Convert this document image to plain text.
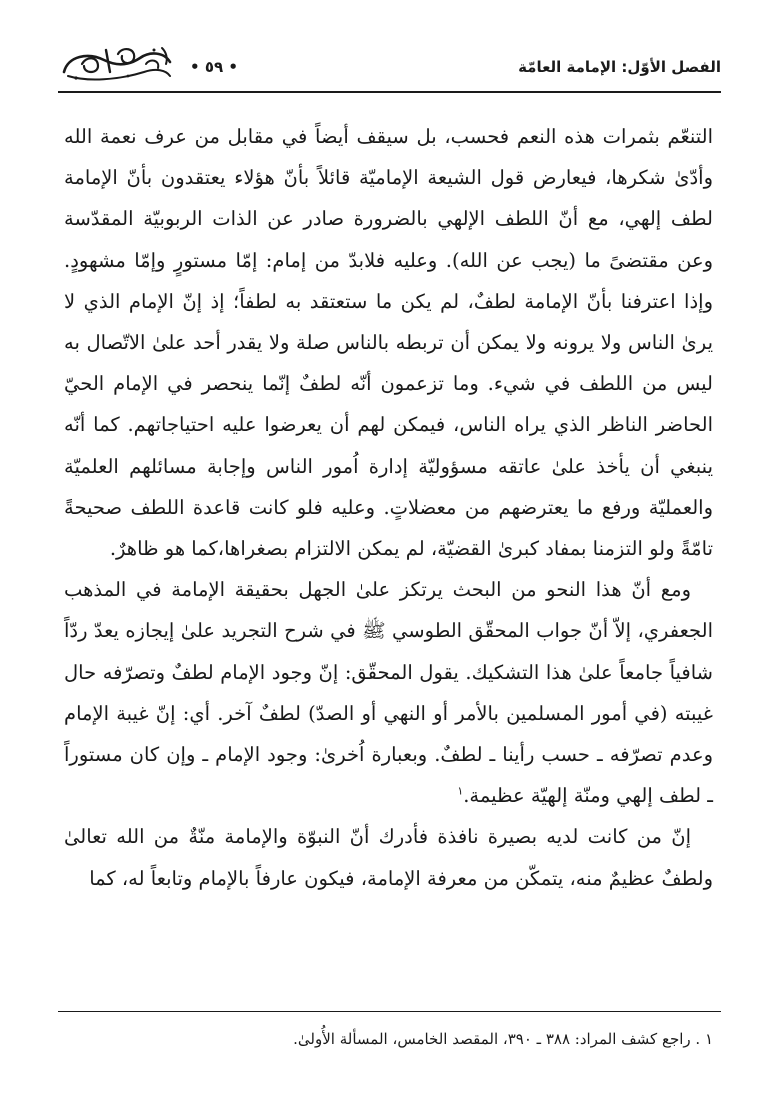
• ٥٩ •	الفصل الأوّل: الإمامة العامّة

التنعّم بثمرات هذه النعم فحسب، بل سيقف أيضاً في مقابل من عرف نعمة الله وأدّىٰ شكرها، فيعارض قول الشيعة الإماميّة قائلاً بأنّ هؤلاء يعتقدون بأنّ الإمامة لطف إلهي، مع أنّ اللطف الإلهي بالضرورة صادر عن الذات الربوبيّة المقدّسة وعن مقتضىً ما (يجب عن الله). وعليه فلابدّ من إمام: إمّا مستورٍ وإمّا مشهودٍ. وإذا اعترفنا بأنّ الإمامة لطفٌ، لم يكن ما ستعتقد به لطفاً؛ إذ إنّ الإمام الذي لا يرىٰ الناس ولا يرونه ولا يمكن أن تربطه بالناس صلة ولا يقدر أحد علىٰ الاتّصال به ليس من اللطف في شيء. وما تزعمون أنّه لطفٌ إنّما ينحصر في الإمام الحيّ الحاضر الناظر الذي يراه الناس، فيمكن لهم أن يعرضوا عليه احتياجاتهم. كما أنّه ينبغي أن يأخذ علىٰ عاتقه مسؤوليّة إدارة اُمور الناس وإجابة مسائلهم العلميّة والعمليّة ورفع ما يعترضهم من معضلاتٍ. وعليه فلو كانت قاعدة اللطف صحيحةً تامّةً ولو التزمنا بمفاد كبرىٰ القضيّة، لم يمكن الالتزام بصغراها،كما هو ظاهرٌ.

ومع أنّ هذا النحو من البحث يرتكز علىٰ الجهل بحقيقة الإمامة في المذهب الجعفري، إلاّ أنّ جواب المحقّق الطوسي ﷺ في شرح التجريد علىٰ إيجازه يعدّ ردّاً شافياً جامعاً علىٰ هذا التشكيك. يقول المحقّق: إنّ وجود الإمام لطفٌ وتصرّفه حال غيبته (في أمور المسلمين بالأمر أو النهي أو الصدّ) لطفٌ آخر. أي: إنّ غيبة الإمام وعدم تصرّفه ـ حسب رأينا ـ لطفٌ. وبعبارة اُخرىٰ: وجود الإمام ـ وإن كان مستوراً ـ لطف إلهي ومنّة إلهيّة عظيمة.$^١$

إنّ من كانت لديه بصيرة نافذة فأدرك أنّ النبوّة والإمامة منّةٌ من الله تعالىٰ ولطفٌ عظيمٌ منه، يتمكّن من معرفة الإمامة، فيكون عارفاً بالإمام وتابعاً له، كما

١ . راجع كشف المراد: ٣٨٨ ـ ٣٩٠، المقصد الخامس، المسألة الأُولىٰ.
